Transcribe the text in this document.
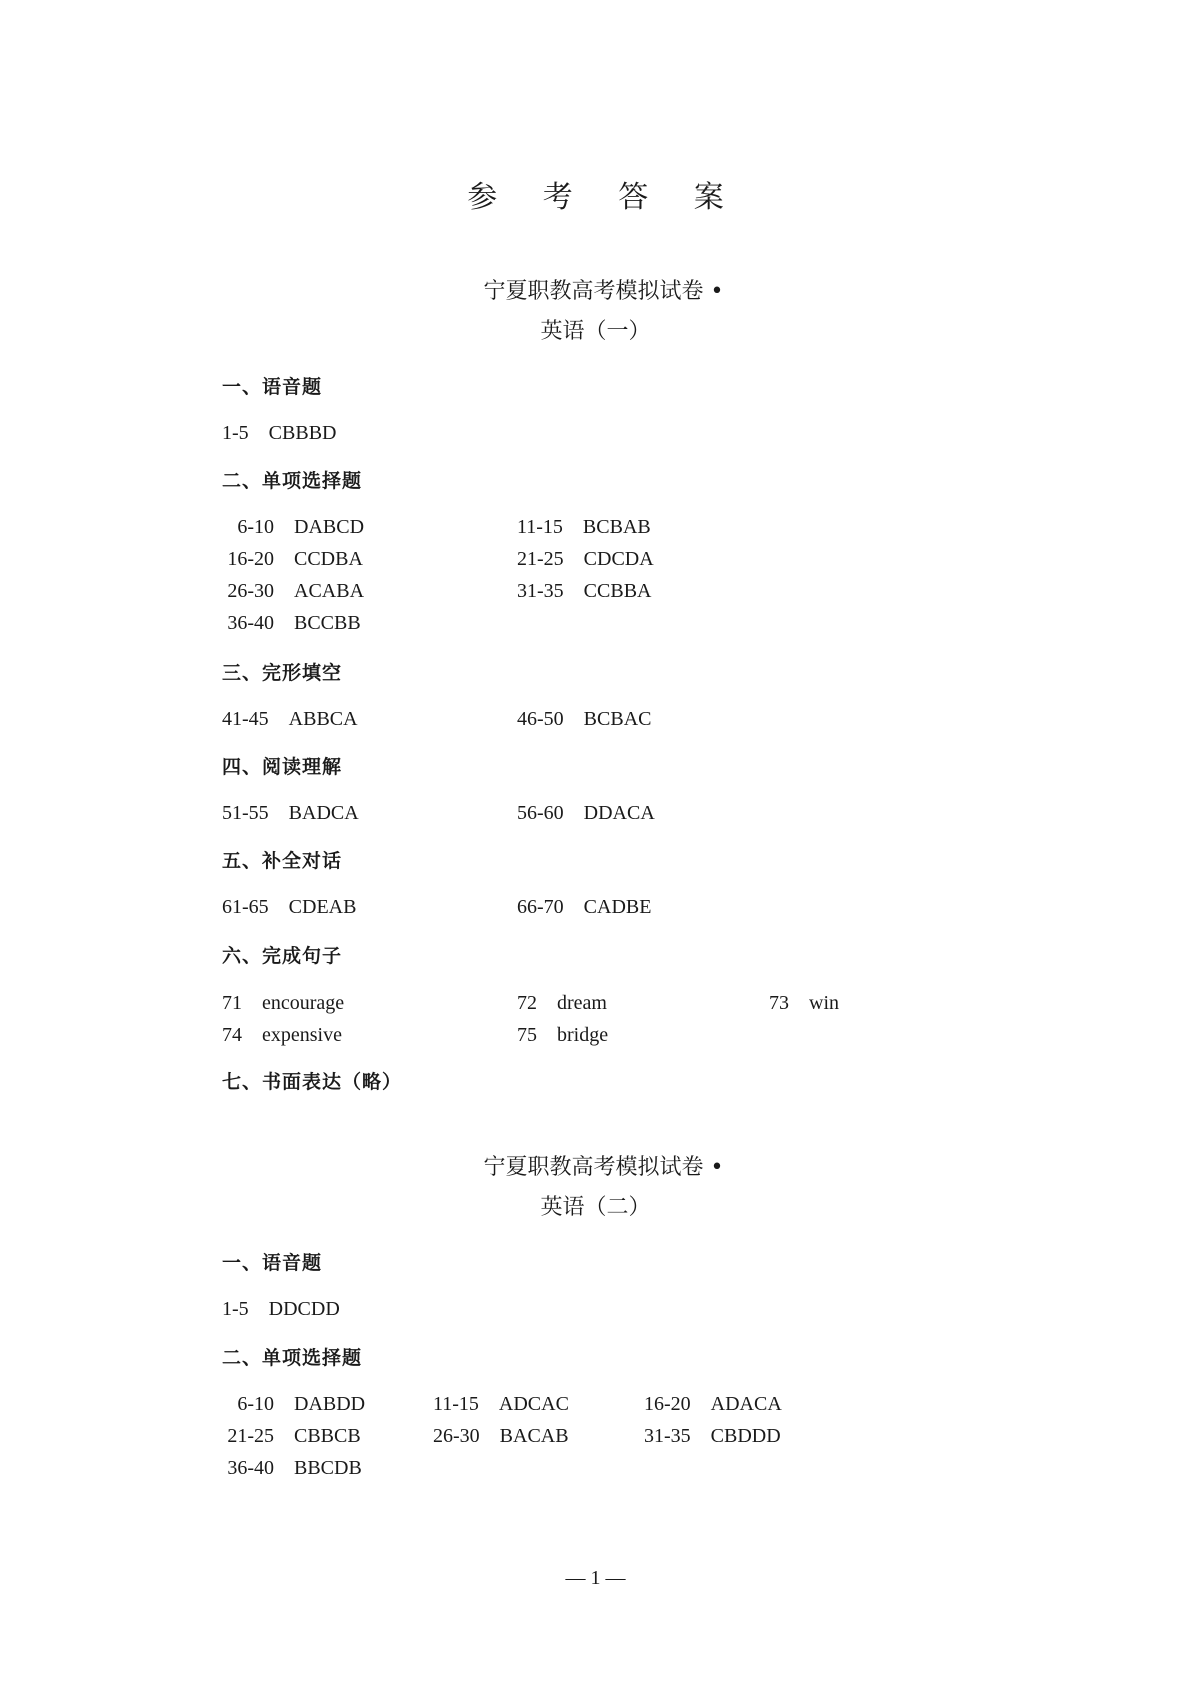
参 考 答 案
宁夏职教高考模拟试卷 •
英语（一）
一、语音题
1-5 CBBBD
二、单项选择题
6-10 DABCD	11-15 BCBAB
16-20 CCDBA	21-25 CDCDA
26-30 ACABA	31-35 CCBBA
36-40 BCCBB
三、完形填空
41-45 ABBCA	46-50 BCBAC
四、阅读理解
51-55 BADCA	56-60 DDACA
五、补全对话
61-65 CDEAB	66-70 CADBE
六、完成句子
71 encourage	72 dream	73 win
74 expensive	75 bridge
七、书面表达（略）
宁夏职教高考模拟试卷 •
英语（二）
一、语音题
1-5 DDCDD
二、单项选择题
6-10 DABDD	11-15 ADCAC	16-20 ADACA
21-25 CBBCB	26-30 BACAB	31-35 CBDDD
36-40 BBCDB
— 1 —
